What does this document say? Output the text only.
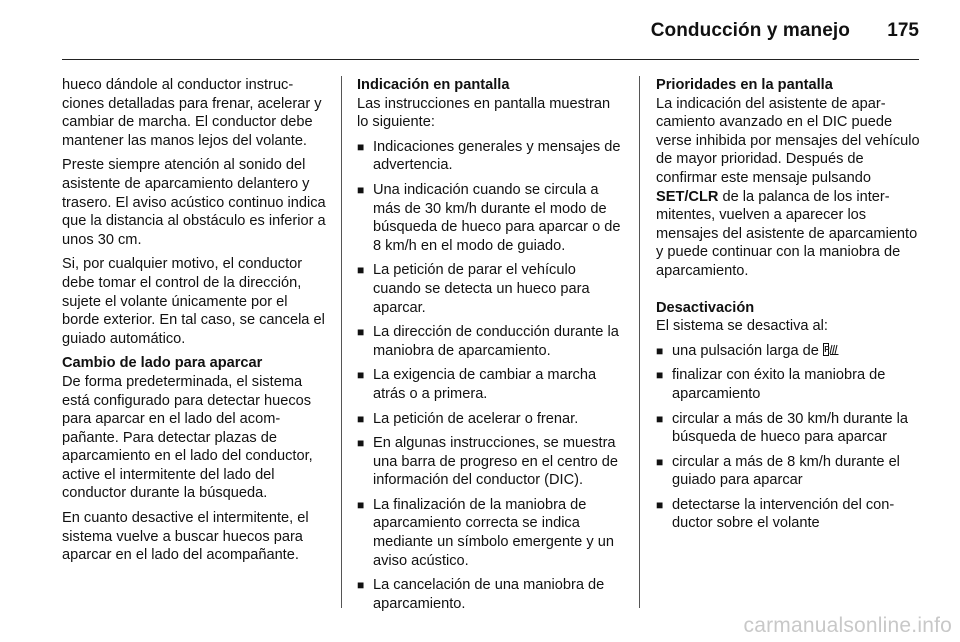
Conducción y manejo 175

hueco dándole al conductor instrucciones detalladas para frenar, acelerar y cambiar de marcha. El conductor debe mantener las manos lejos del volante.

Preste siempre atención al sonido del asistente de aparcamiento delantero y trasero. El aviso acústico continuo indica que la distancia al obstáculo es inferior a unos 30 cm.

Si, por cualquier motivo, el conductor debe tomar el control de la dirección, sujete el volante únicamente por el borde exterior. En tal caso, se cancela el guiado automático.

Cambio de lado para aparcar

De forma predeterminada, el sistema está configurado para detectar huecos para aparcar en el lado del acompañante. Para detectar plazas de aparcamiento en el lado del conductor, active el intermitente del lado del conductor durante la búsqueda.

En cuanto desactive el intermitente, el sistema vuelve a buscar huecos para aparcar en el lado del acompañante.

Indicación en pantalla

Las instrucciones en pantalla muestran lo siguiente:

■ Indicaciones generales y mensajes de advertencia.
■ Una indicación cuando se circula a más de 30 km/h durante el modo de búsqueda de hueco para aparcar o de 8 km/h en el modo de guiado.
■ La petición de parar el vehículo cuando se detecta un hueco para aparcar.
■ La dirección de conducción durante la maniobra de aparcamiento.
■ La exigencia de cambiar a marcha atrás o a primera.
■ La petición de acelerar o frenar.
■ En algunas instrucciones, se muestra una barra de progreso en el centro de información del conductor (DIC).
■ La finalización de la maniobra de aparcamiento correcta se indica mediante un símbolo emergente y un aviso acústico.
■ La cancelación de una maniobra de aparcamiento.
Prioridades en la pantalla

La indicación del asistente de aparcamiento avanzado en el DIC puede verse inhibida por mensajes del vehículo de mayor prioridad. Después de confirmar este mensaje pulsando SET/CLR de la palanca de los intermitentes, vuelven a aparecer los mensajes del asistente de aparcamiento y puede continuar con la maniobra de aparcamiento.

Desactivación

El sistema se desactiva al:

■ una pulsación larga de P
■ finalizar con éxito la maniobra de aparcamiento
■ circular a más de 30 km/h durante la búsqueda de hueco para aparcar
■ circular a más de 8 km/h durante el guiado para aparcar
■ detectarse la intervención del conductor sobre el volante
carmanualsonline.info
